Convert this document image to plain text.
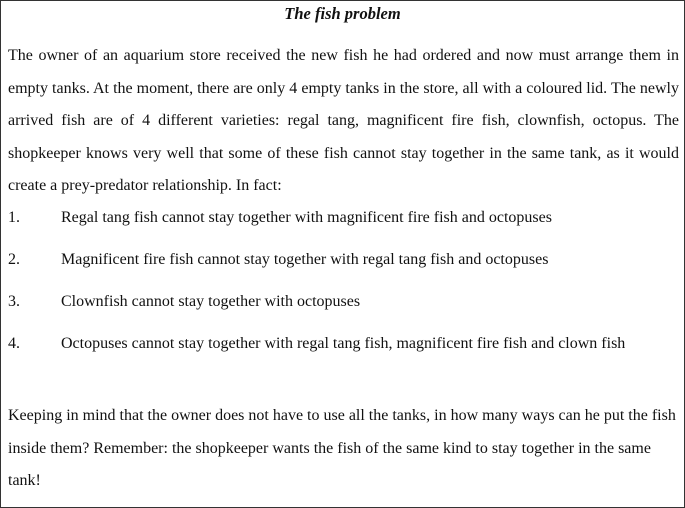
The fish problem

The owner of an aquarium store received the new fish he had ordered and now must arrange them in empty tanks. At the moment, there are only 4 empty tanks in the store, all with a coloured lid. The newly arrived fish are of 4 different varieties: regal tang, magnificent fire fish, clownfish, octopus. The shopkeeper knows very well that some of these fish cannot stay together in the same tank, as it would create a prey-predator relationship. In fact:

1.	Regal tang fish cannot stay together with magnificent fire fish and octopuses
2.	Magnificent fire fish cannot stay together with regal tang fish and octopuses
3.	Clownfish cannot stay together with octopuses
4.	Octopuses cannot stay together with regal tang fish, magnificent fire fish and clown fish

Keeping in mind that the owner does not have to use all the tanks, in how many ways can he put the fish inside them? Remember: the shopkeeper wants the fish of the same kind to stay together in the same tank!
